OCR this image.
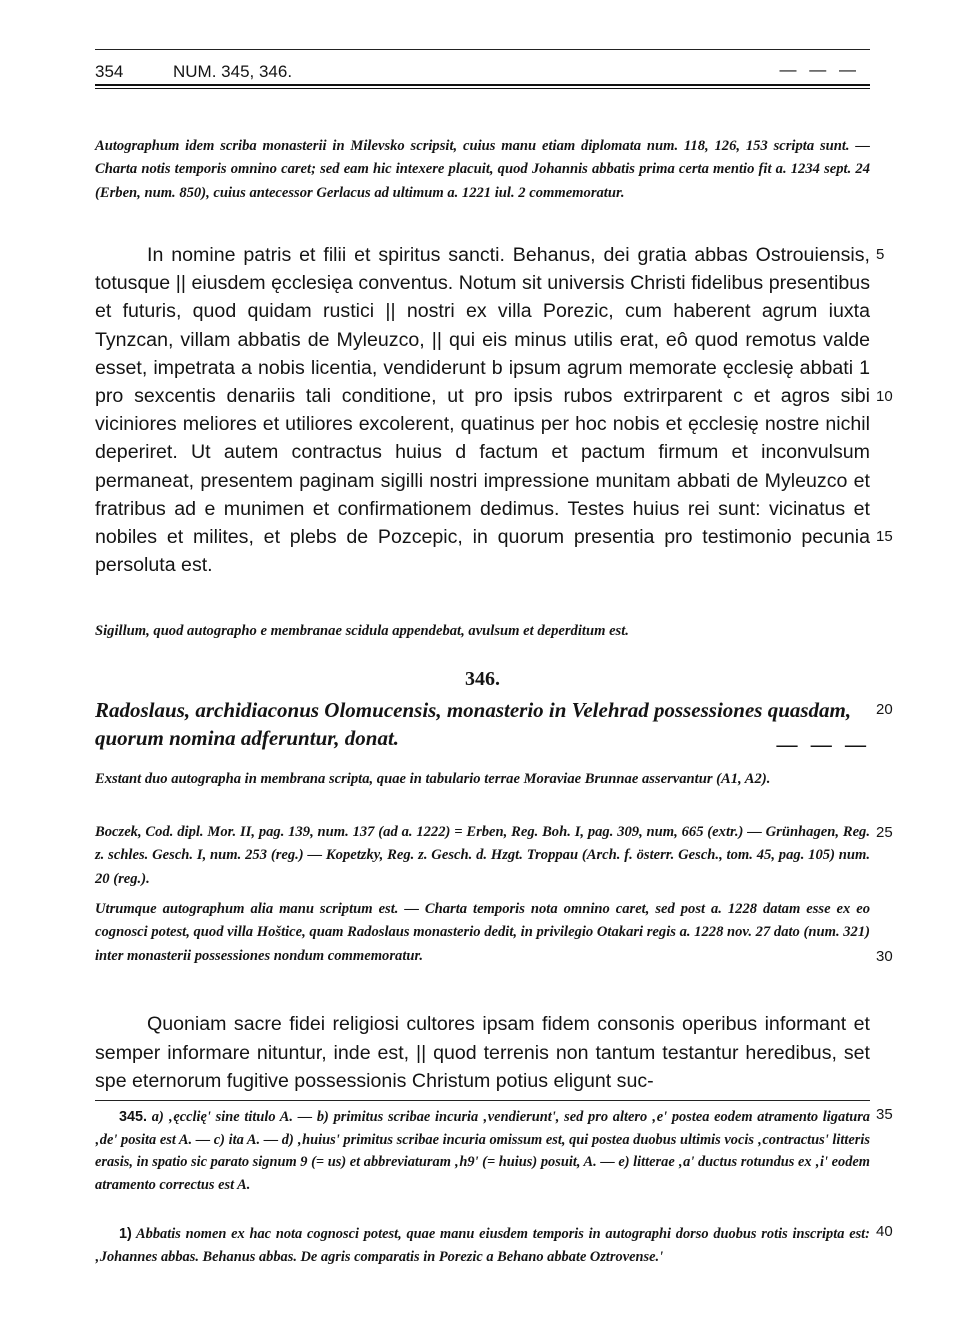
354	NUM. 345, 346.	— — —
Autographum idem scriba monasterii in Milevsko scripsit, cuius manu etiam diplomata num. 118, 126, 153 scripta sunt. — Charta notis temporis omnino caret; sed eam hic intexere placuit, quod Johannis abbatis prima certa mentio fit a. 1234 sept. 24 (Erben, num. 850), cuius antecessor Gerlacus ad ultimum a. 1221 iul. 2 commemoratur.
In nomine patris et filii et spiritus sancti. Behanus, dei gratia abbas Ostrouiensis, totusque || eiusdem ęcclesięa conventus. Notum sit universis Christi fidelibus presentibus et futuris, quod quidam rustici || nostri ex villa Porezic, cum haberent agrum iuxta Tynzcan, villam abbatis de Myleuzco, || qui eis minus utilis erat, eô quod remotus valde esset, impetrata a nobis licentia, vendiderunt b ipsum agrum memorate ęcclesię abbati 1 pro sexcentis denariis tali conditione, ut pro ipsis rubos extrirparent c et agros sibi viciniores meliores et utiliores excolerent, quatinus per hoc nobis et ęcclesię nostre nichil deperiret. Ut autem contractus huius d factum et pactum firmum et inconvulsum permaneat, presentem paginam sigilli nostri impressione munitam abbati de Myleuzco et fratribus ad e munimen et confirmationem dedimus. Testes huius rei sunt: vicinatus et nobiles et milites, et plebs de Pozcepic, in quorum presentia pro testimonio pecunia persoluta est.
Sigillum, quod autographo e membranae scidula appendebat, avulsum et deperditum est.
346.
Radoslaus, archidiaconus Olomucensis, monasterio in Velehrad possessiones quasdam, quorum nomina adferuntur, donat.	— — —
Exstant duo autographa in membrana scripta, quae in tabulario terrae Moraviae Brunnae asservantur (A1, A2).
Boczek, Cod. dipl. Mor. II, pag. 139, num. 137 (ad a. 1222) = Erben, Reg. Boh. I, pag. 309, num, 665 (extr.) — Grünhagen, Reg. z. schles. Gesch. I, num. 253 (reg.) — Kopetzky, Reg. z. Gesch. d. Hzgt. Troppau (Arch. f. österr. Gesch., tom. 45, pag. 105) num. 20 (reg.).
Utrumque autographum alia manu scriptum est. — Charta temporis nota omnino caret, sed post a. 1228 datam esse ex eo cognosci potest, quod villa Hoštice, quam Radoslaus monasterio dedit, in privilegio Otakari regis a. 1228 nov. 27 dato (num. 321) inter monasterii possessiones nondum commemoratur.
Quoniam sacre fidei religiosi cultores ipsam fidem consonis operibus informant et semper informare nituntur, inde est, || quod terrenis non tantum testantur heredibus, set spe eternorum fugitive possessionis Christum potius eligunt suc-
345. a) ‚ęcclię' sine titulo A. — b) primitus scribae incuria ‚vendierunt', sed pro altero ‚e' postea eodem atramento ligatura ‚de' posita est A. — c) ita A. — d) ‚huius' primitus scribae incuria omissum est, qui postea duobus ultimis vocis ‚contractus' litteris erasis, in spatio sic parato signum 9 (= us) et abbreviaturam ‚h9' (= huius) posuit, A. — e) litterae ‚a' ductus rotundus ex ‚i' eodem atramento correctus est A.
1) Abbatis nomen ex hac nota cognosci potest, quae manu eiusdem temporis in autographi dorso duobus rotis inscripta est: ‚Johannes abbas. Behanus abbas. De agris comparatis in Porezic a Behano abbate Oztrovense.'
5
10
15
20
25
30
35
40
